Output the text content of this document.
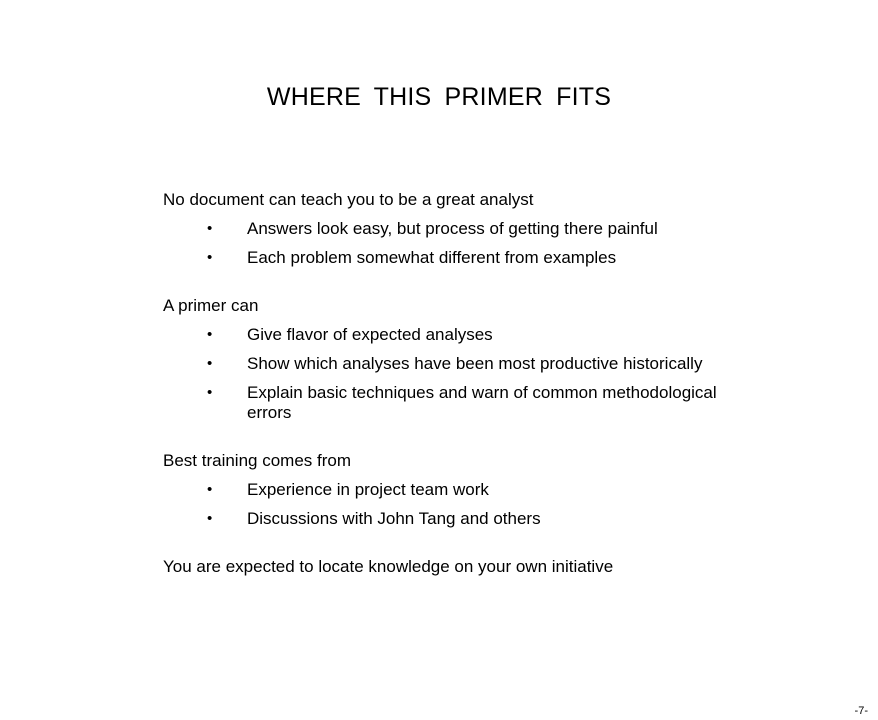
WHERE THIS PRIMER FITS

No document can teach you to be a great analyst

• Answers look easy, but process of getting there painful
• Each problem somewhat different from examples

A primer can

• Give flavor of expected analyses
• Show which analyses have been most productive historically
• Explain basic techniques and warn of common methodological errors

Best training comes from

• Experience in project team work
• Discussions with John Tang and others

You are expected to locate knowledge on your own initiative

-7-
